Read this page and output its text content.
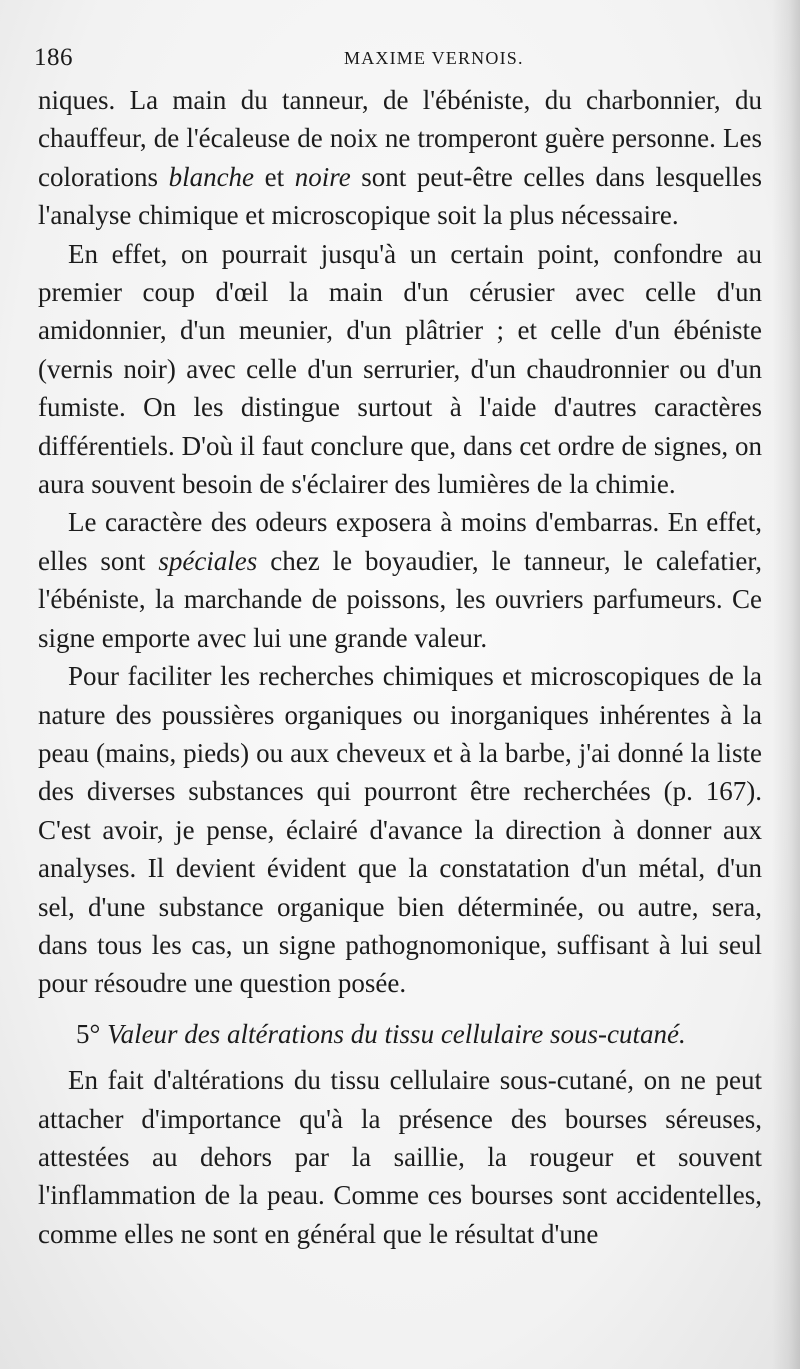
186	MAXIME VERNOIS.

niques. La main du tanneur, de l'ébéniste, du charbonnier, du chauffeur, de l'écaleuse de noix ne tromperont guère personne. Les colorations blanche et noire sont peut-être celles dans lesquelles l'analyse chimique et microscopique soit la plus nécessaire.

En effet, on pourrait jusqu'à un certain point, confondre au premier coup d'œil la main d'un cérusier avec celle d'un amidonnier, d'un meunier, d'un plâtrier ; et celle d'un ébéniste (vernis noir) avec celle d'un serrurier, d'un chaudronnier ou d'un fumiste. On les distingue surtout à l'aide d'autres caractères différentiels. D'où il faut conclure que, dans cet ordre de signes, on aura souvent besoin de s'éclairer des lumières de la chimie.

Le caractère des odeurs exposera à moins d'embarras. En effet, elles sont spéciales chez le boyaudier, le tanneur, le calefatier, l'ébéniste, la marchande de poissons, les ouvriers parfumeurs. Ce signe emporte avec lui une grande valeur.

Pour faciliter les recherches chimiques et microscopiques de la nature des poussières organiques ou inorganiques inhérentes à la peau (mains, pieds) ou aux cheveux et à la barbe, j'ai donné la liste des diverses substances qui pourront être recherchées (p. 167). C'est avoir, je pense, éclairé d'avance la direction à donner aux analyses. Il devient évident que la constatation d'un métal, d'un sel, d'une substance organique bien déterminée, ou autre, sera, dans tous les cas, un signe pathognomonique, suffisant à lui seul pour résoudre une question posée.

5° Valeur des altérations du tissu cellulaire sous-cutané.

En fait d'altérations du tissu cellulaire sous-cutané, on ne peut attacher d'importance qu'à la présence des bourses séreuses, attestées au dehors par la saillie, la rougeur et souvent l'inflammation de la peau. Comme ces bourses sont accidentelles, comme elles ne sont en général que le résultat d'une
